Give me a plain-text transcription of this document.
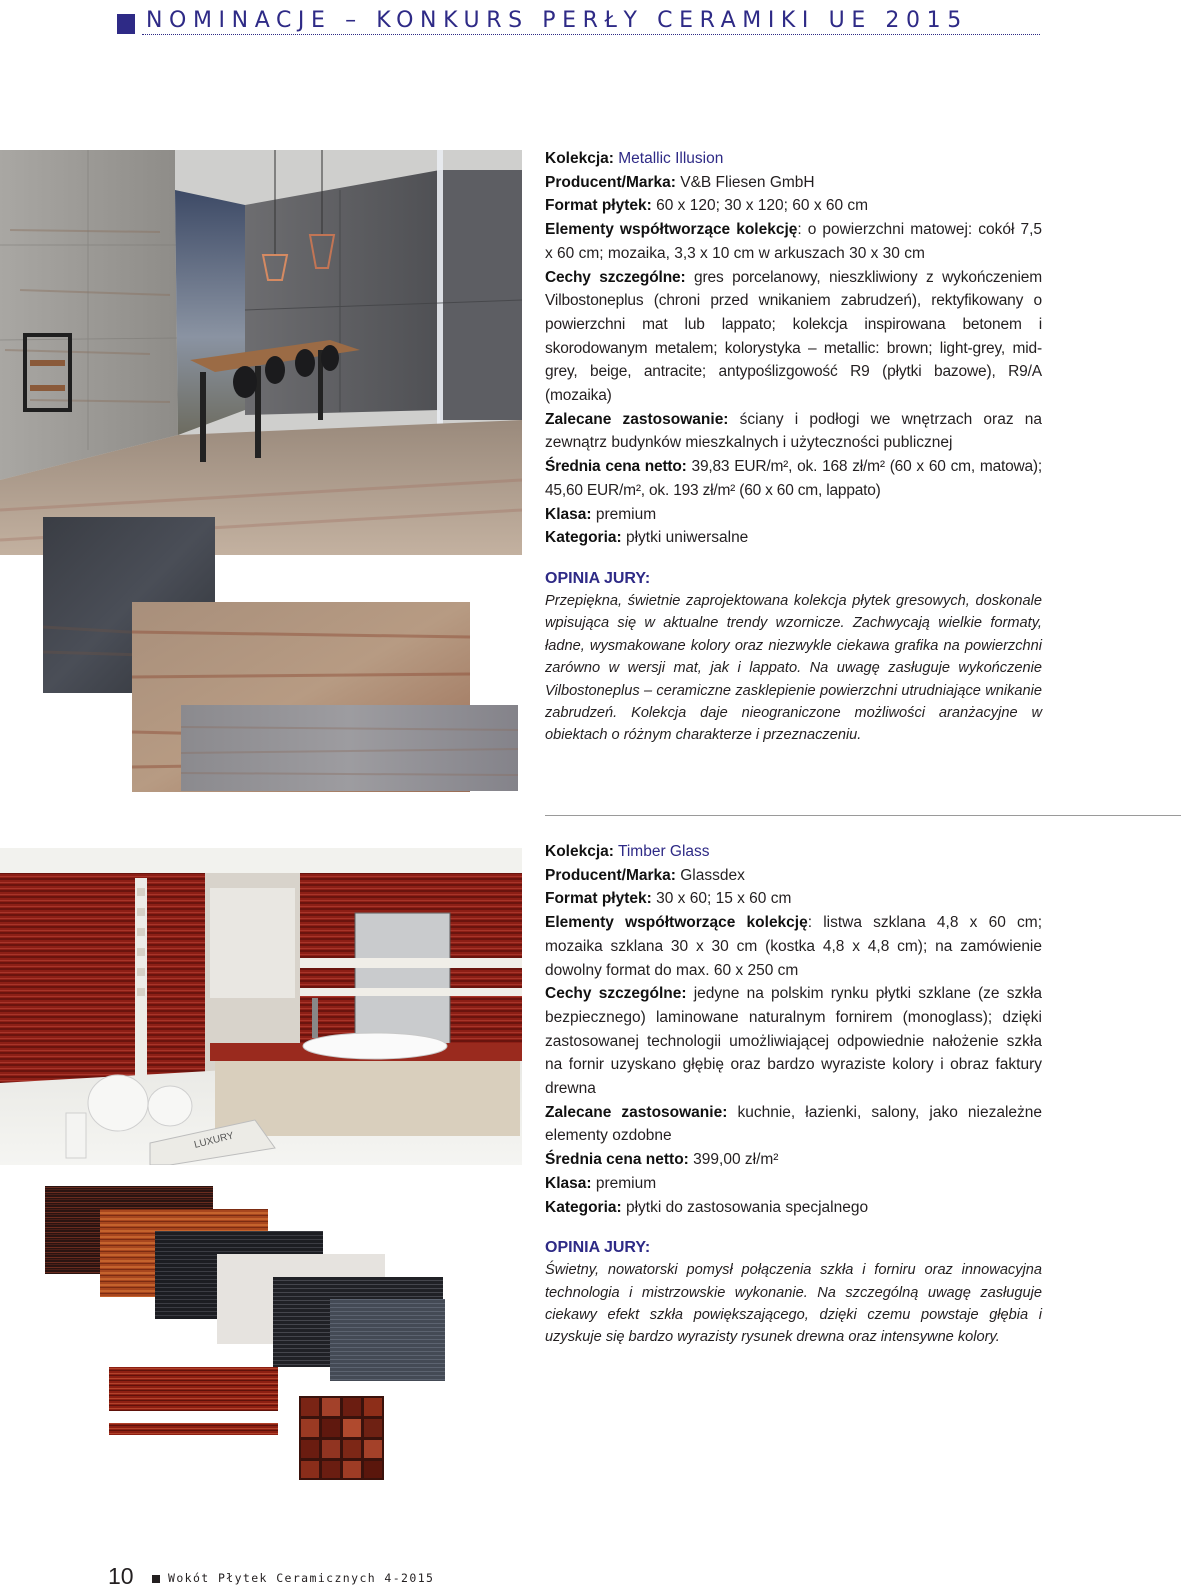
NOMINACJE – KONKURS PERŁY CERAMIKI UE 2015

Kolekcja: Metallic Illusion

Producent/Marka: V&B Fliesen GmbH

Format płytek: 60 x 120; 30 x 120; 60 x 60 cm

Elementy współtworzące kolekcję: o powierzchni matowej: cokół 7,5 x 60 cm; mozaika, 3,3 x 10 cm w arkuszach 30 x 30 cm

Cechy szczególne: gres porcelanowy, nieszkliwiony z wykończeniem Vilbostoneplus (chroni przed wnikaniem zabrudzeń), rektyfikowany o powierzchni mat lub lappato; kolekcja inspirowana betonem i skorodowanym metalem; kolorystyka – metallic: brown; light-grey, mid-grey, beige, antracite; antypoślizgowość R9 (płytki bazowe), R9/A (mozaika)

Zalecane zastosowanie: ściany i podłogi we wnętrzach oraz na zewnątrz budynków mieszkalnych i użyteczności publicznej

Średnia cena netto: 39,83 EUR/m², ok. 168 zł/m² (60 x 60 cm, matowa); 45,60 EUR/m², ok. 193 zł/m² (60 x 60 cm, lappato)

Klasa: premium

Kategoria: płytki uniwersalne

OPINIA JURY:

Przepiękna, świetnie zaprojektowana kolekcja płytek gresowych, doskonale wpisująca się w aktualne trendy wzornicze. Zachwycają wielkie formaty, ładne, wysmakowane kolory oraz niezwykle ciekawa grafika na powierzchni zarówno w wersji mat, jak i lappato. Na uwagę zasługuje wykończenie Vilbostoneplus – ceramiczne zasklepienie powierzchni utrudniające wnikanie zabrudzeń. Kolekcja daje nieograniczone możliwości aranżacyjne w obiektach o różnym charakterze i przeznaczeniu.

LUXURY

Kolekcja: Timber Glass

Producent/Marka: Glassdex

Format płytek: 30 x 60; 15 x 60 cm

Elementy współtworzące kolekcję: listwa szklana 4,8 x 60 cm; mozaika szklana 30 x 30 cm (kostka 4,8 x 4,8 cm); na zamówienie dowolny format do max. 60 x 250 cm

Cechy szczególne: jedyne na polskim rynku płytki szklane (ze szkła bezpiecznego) laminowane naturalnym fornirem (monoglass); dzięki zastosowanej technologii umożliwiającej odpowiednie nałożenie szkła na fornir uzyskano głębię oraz bardzo wyraziste kolory i obraz faktury drewna

Zalecane zastosowanie: kuchnie, łazienki, salony, jako niezależne elementy ozdobne

Średnia cena netto: 399,00 zł/m²

Klasa: premium

Kategoria: płytki do zastosowania specjalnego

OPINIA JURY:

Świetny, nowatorski pomysł połączenia szkła i forniru oraz innowacyjna technologia i mistrzowskie wykonanie. Na szczególną uwagę zasługuje ciekawy efekt szkła powiększającego, dzięki czemu powstaje głębia i uzyskuje się bardzo wyrazisty rysunek drewna oraz intensywne kolory.

10	Wokót Płytek Ceramicznych 4-2015
